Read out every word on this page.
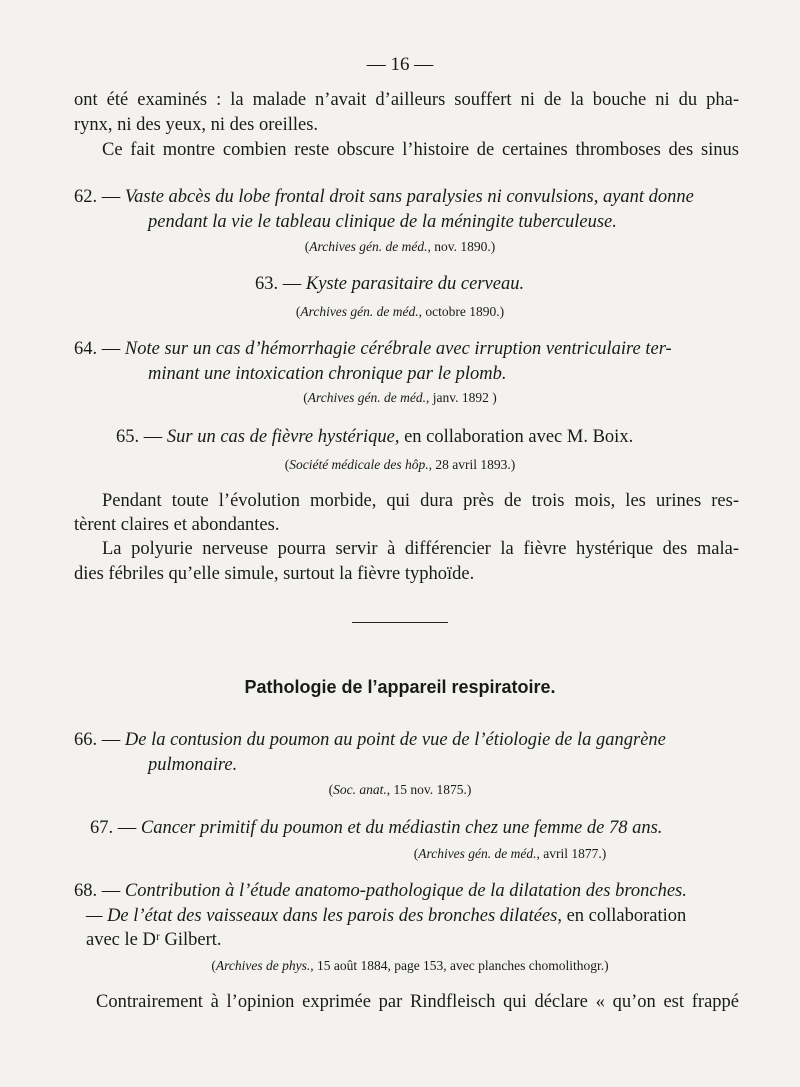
— 16 —
ont été examinés : la malade n’avait d’ailleurs souffert ni de la bouche ni du pha-
rynx, ni des yeux, ni des oreilles.
Ce fait montre combien reste obscure l’histoire de certaines thromboses des sinus
62. — Vaste abcès du lobe frontal droit sans paralysies ni convulsions, ayant donne
pendant la vie le tableau clinique de la méningite tuberculeuse.
(Archives gén. de méd., nov. 1890.)
63. — Kyste parasitaire du cerveau.
(Archives gén. de méd., octobre 1890.)
64. — Note sur un cas d’hémorrhagie cérébrale avec irruption ventriculaire ter-
minant une intoxication chronique par le plomb.
(Archives gén. de méd., janv. 1892 )
65. — Sur un cas de fièvre hystérique, en collaboration avec M. Boix.
(Société médicale des hôp., 28 avril 1893.)
Pendant toute l’évolution morbide, qui dura près de trois mois, les urines res-
tèrent claires et abondantes.
La polyurie nerveuse pourra servir à différencier la fièvre hystérique des mala-
dies fébriles qu’elle simule, surtout la fièvre typhoïde.
Pathologie de l’appareil respiratoire.
66. — De la contusion du poumon au point de vue de l’étiologie de la gangrène
pulmonaire.
(Soc. anat., 15 nov. 1875.)
67. — Cancer primitif du poumon et du médiastin chez une femme de 78 ans.
(Archives gén. de méd., avril 1877.)
68. — Contribution à l’étude anatomo-pathologique de la dilatation des bronches.
— De l’état des vaisseaux dans les parois des bronches dilatées, en collaboration
avec le Dʳ Gilbert.
(Archives de phys., 15 août 1884, page 153, avec planches chomolithogr.)
Contrairement à l’opinion exprimée par Rindfleisch qui déclare « qu’on est frappé
